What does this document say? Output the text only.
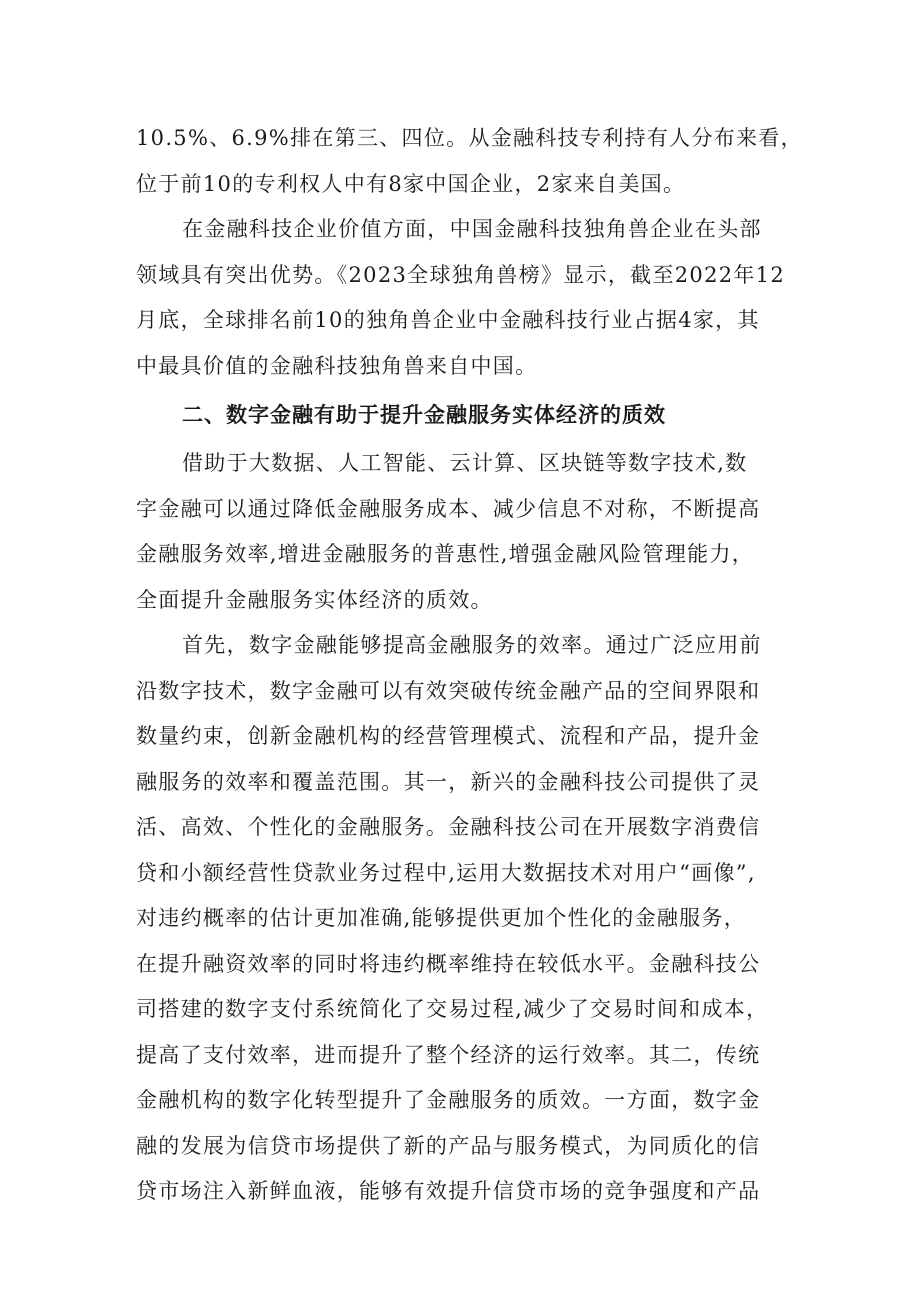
10.5%、6.9%排在第三、四位。从金融科技专利持有人分布来看，
位于前10的专利权人中有8家中国企业，2家来自美国。

在金融科技企业价值方面，中国金融科技独角兽企业在头部
领域具有突出优势。《2023全球独角兽榜》显示，截至2022年12
月底，全球排名前10的独角兽企业中金融科技行业占据4家，其
中最具价值的金融科技独角兽来自中国。

二、数字金融有助于提升金融服务实体经济的质效

借助于大数据、人工智能、云计算、区块链等数字技术,数
字金融可以通过降低金融服务成本、减少信息不对称，不断提高
金融服务效率,增进金融服务的普惠性,增强金融风险管理能力，
全面提升金融服务实体经济的质效。

首先，数字金融能够提高金融服务的效率。通过广泛应用前
沿数字技术，数字金融可以有效突破传统金融产品的空间界限和
数量约束，创新金融机构的经营管理模式、流程和产品，提升金
融服务的效率和覆盖范围。其一，新兴的金融科技公司提供了灵
活、高效、个性化的金融服务。金融科技公司在开展数字消费信
贷和小额经营性贷款业务过程中,运用大数据技术对用户“画像”,
对违约概率的估计更加准确,能够提供更加个性化的金融服务，
在提升融资效率的同时将违约概率维持在较低水平。金融科技公
司搭建的数字支付系统简化了交易过程,减少了交易时间和成本，
提高了支付效率，进而提升了整个经济的运行效率。其二，传统
金融机构的数字化转型提升了金融服务的质效。一方面，数字金
融的发展为信贷市场提供了新的产品与服务模式，为同质化的信
贷市场注入新鲜血液，能够有效提升信贷市场的竞争强度和产品
